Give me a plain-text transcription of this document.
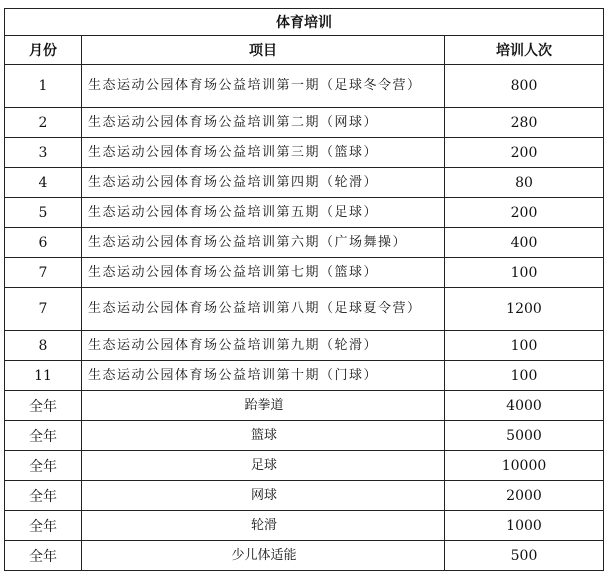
体育培训		
月份	项目	培训人次
1	生态运动公园体育场公益培训第一期（足球冬令营）	800
2	生态运动公园体育场公益培训第二期（网球）	280
3	生态运动公园体育场公益培训第三期（篮球）	200
4	生态运动公园体育场公益培训第四期（轮滑）	80
5	生态运动公园体育场公益培训第五期（足球）	200
6	生态运动公园体育场公益培训第六期（广场舞操）	400
7	生态运动公园体育场公益培训第七期（篮球）	100
7	生态运动公园体育场公益培训第八期（足球夏令营）	1200
8	生态运动公园体育场公益培训第九期（轮滑）	100
11	生态运动公园体育场公益培训第十期（门球）	100
全年	跆拳道	4000
全年	篮球	5000
全年	足球	10000
全年	网球	2000
全年	轮滑	1000
全年	少儿体适能	500
